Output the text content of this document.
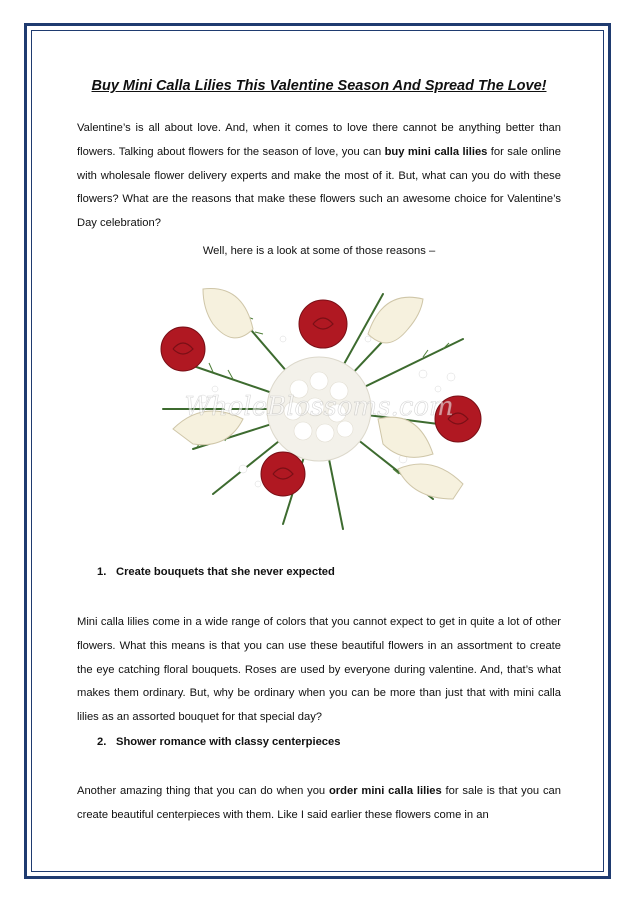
Buy Mini Calla Lilies This Valentine Season And Spread The Love!

Valentine’s is all about love. And, when it comes to love there cannot be anything better than flowers. Talking about flowers for the season of love, you can buy mini calla lilies for sale online with wholesale flower delivery experts and make the most of it. But, what can you do with these flowers? What are the reasons that make these flowers such an awesome choice for Valentine’s Day celebration?

Well, here is a look at some of those reasons –

WholeBlossoms.com

1. Create bouquets that she never expected

Mini calla lilies come in a wide range of colors that you cannot expect to get in quite a lot of other flowers. What this means is that you can use these beautiful flowers in an assortment to create the eye catching floral bouquets. Roses are used by everyone during valentine. And, that’s what makes them ordinary. But, why be ordinary when you can be more than just that with mini calla lilies as an assorted bouquet for that special day?

2. Shower romance with classy centerpieces

Another amazing thing that you can do when you order mini calla lilies for sale is that you can create beautiful centerpieces with them. Like I said earlier these flowers come in an
